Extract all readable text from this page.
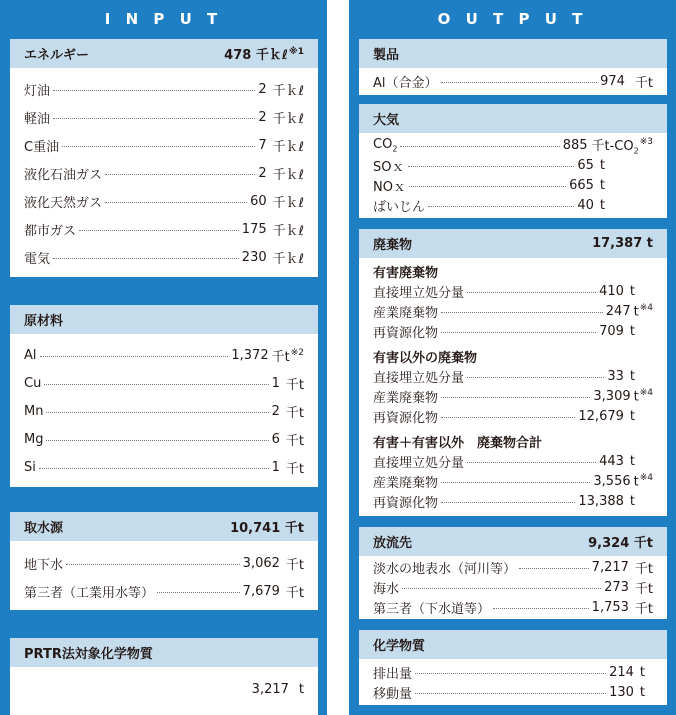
I N P U T
エネルギー	478 千ｋℓ$^{※1}$
灯油	2 千ｋℓ
軽油	2 千ｋℓ
C重油	7 千ｋℓ
液化石油ガス	2 千ｋℓ
液化天然ガス	60 千ｋℓ
都市ガス	175 千ｋℓ
電気	230 千ｋℓ
原材料
Al	1,372 千$t^{※2}$
Cu	1 千t
Mn	2 千t
Mg	6 千t
Si	1 千t
取水源	10,741 千t
地下水	3,062 千t
第三者（工業用水等）	7,679 千t
PRTR法対象化学物質
3,217 t
O U T P U T
製品
Al（合金）	974 千t
大気
$CO_2$	885 千$t-CO_2^{※3}$
SOｘ	65 t
NOｘ	665 t
ばいじん	40 t
廃棄物	17,387 t
有害廃棄物
直接埋立処分量	410 t
産業廃棄物	247 $t^{※4}$
再資源化物	709 t
有害以外の廃棄物
直接埋立処分量	33 t
産業廃棄物	3,309 $t^{※4}$
再資源化物	12,679 t
有害＋有害以外　廃棄物合計
直接埋立処分量	443 t
産業廃棄物	3,556 $t^{※4}$
再資源化物	13,388 t
放流先	9,324 千t
淡水の地表水（河川等）	7,217 千t
海水	273 千t
第三者（下水道等）	1,753 千t
化学物質
排出量	214 t
移動量	130 t
